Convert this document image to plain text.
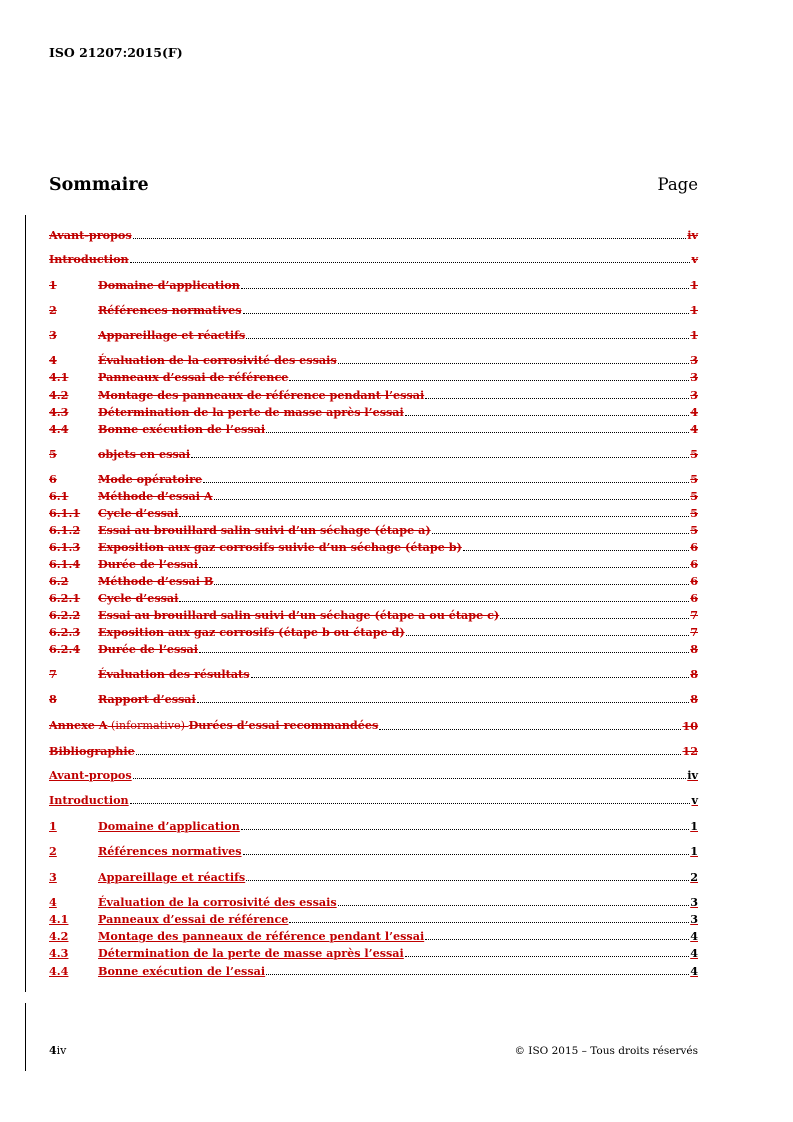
ISO 21207:2015(F)
Sommaire	Page
Avant-propos	iv
Introduction	v
1	Domaine d’application	1
2	Références normatives	1
3	Appareillage et réactifs	1
4	Évaluation de la corrosivité des essais	3
4.1	Panneaux d’essai de référence	3
4.2	Montage des panneaux de référence pendant l’essai	3
4.3	Détermination de la perte de masse après l’essai	4
4.4	Bonne exécution de l’essai	4
5	objets en essai	5
6	Mode opératoire	5
6.1	Méthode d’essai A	5
6.1.1	Cycle d’essai	5
6.1.2	Essai au brouillard salin suivi d’un séchage (étape a)	5
6.1.3	Exposition aux gaz corrosifs suivie d’un séchage (étape b)	6
6.1.4	Durée de l’essai	6
6.2	Méthode d’essai B	6
6.2.1	Cycle d’essai	6
6.2.2	Essai au brouillard salin suivi d’un séchage (étape a ou étape c)	7
6.2.3	Exposition aux gaz corrosifs (étape b ou étape d)	7
6.2.4	Durée de l’essai	8
7	Évaluation des résultats	8
8	Rapport d’essai	8
Annexe A (informative) Durées d’essai recommandées	10
Bibliographie	12
Avant-propos	iv
Introduction	v
1	Domaine d’application	1
2	Références normatives	1
3	Appareillage et réactifs	2
4	Évaluation de la corrosivité des essais	3
4.1	Panneaux d’essai de référence	3
4.2	Montage des panneaux de référence pendant l’essai	4
4.3	Détermination de la perte de masse après l’essai	4
4.4	Bonne exécution de l’essai	4
4iv	© ISO 2015 – Tous droits réservés
